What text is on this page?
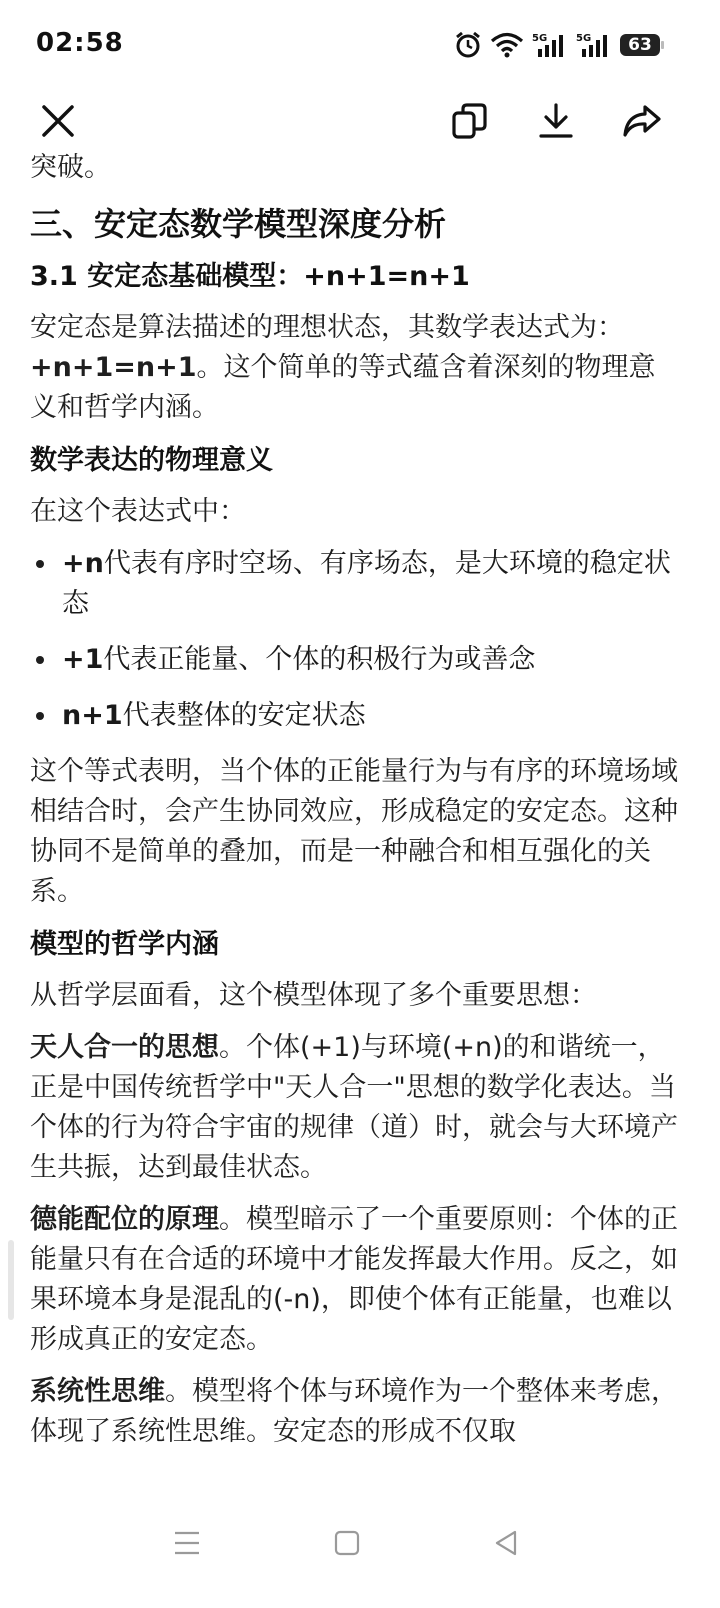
02:58	5G	5G	63

突破。

三、安定态数学模型深度分析
3.1 安定态基础模型：+n+1=n+1

安定态是算法描述的理想状态，其数学表达式为：+n+1=n+1。这个简单的等式蕴含着深刻的物理意义和哲学内涵。

数学表达的物理意义

在这个表达式中：

+n代表有序时空场、有序场态，是大环境的稳定状态
+1代表正能量、个体的积极行为或善念
n+1代表整体的安定状态

这个等式表明，当个体的正能量行为与有序的环境场域相结合时，会产生协同效应，形成稳定的安定态。这种协同不是简单的叠加，而是一种融合和相互强化的关系。

模型的哲学内涵

从哲学层面看，这个模型体现了多个重要思想：

天人合一的思想。个体(+1)与环境(+n)的和谐统一，正是中国传统哲学中"天人合一"思想的数学化表达。当个体的行为符合宇宙的规律（道）时，就会与大环境产生共振，达到最佳状态。

德能配位的原理。模型暗示了一个重要原则：个体的正能量只有在合适的环境中才能发挥最大作用。反之，如果环境本身是混乱的(-n)，即使个体有正能量，也难以形成真正的安定态。

系统性思维。模型将个体与环境作为一个整体来考虑，体现了系统性思维。安定态的形成不仅取
